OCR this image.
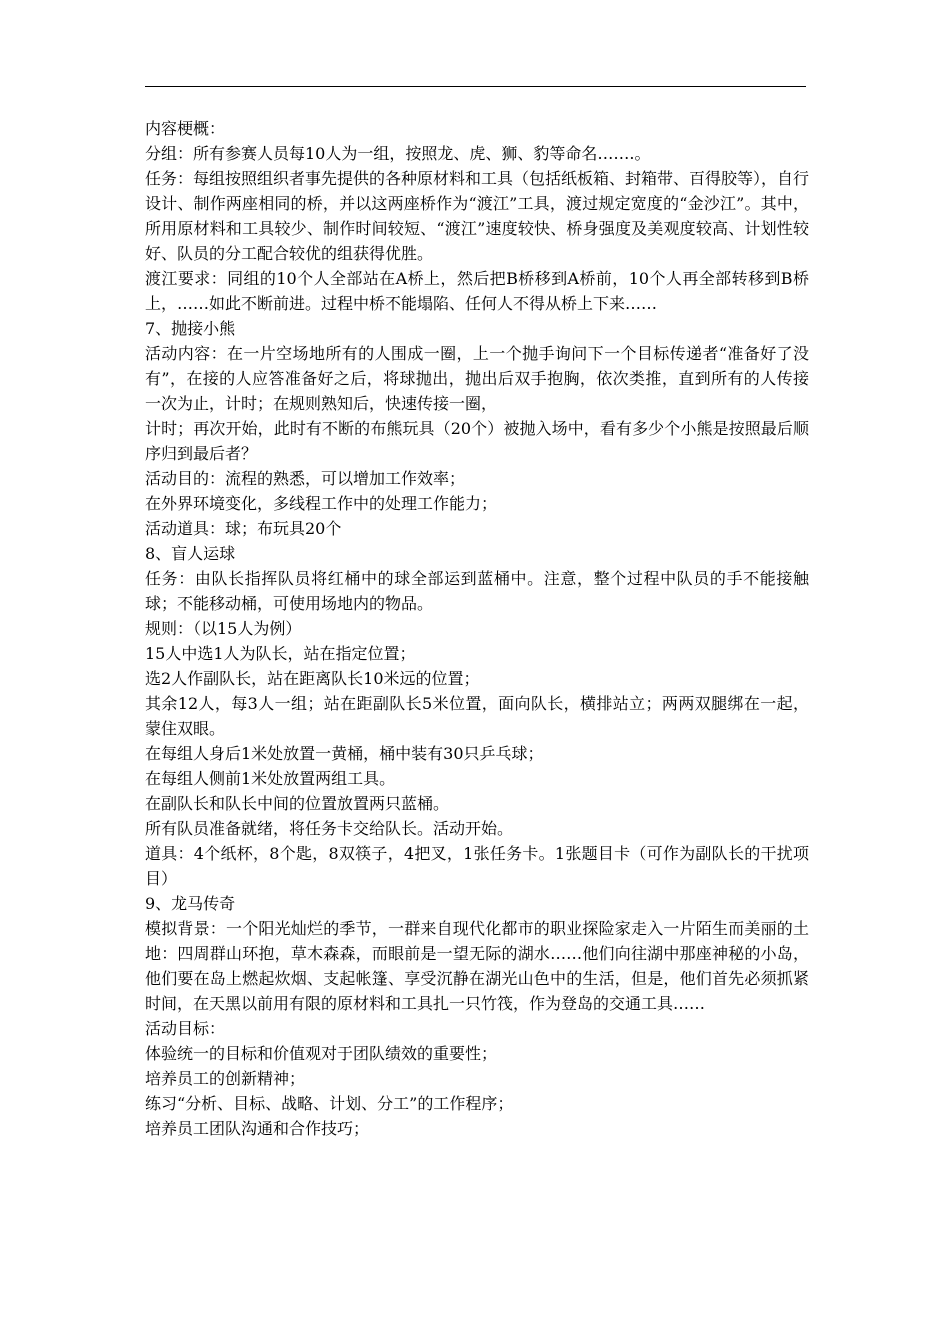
内容梗概：

分组：所有参赛人员每10人为一组，按照龙、虎、狮、豹等命名…….。

任务：每组按照组织者事先提供的各种原材料和工具（包括纸板箱、封箱带、百得胶等），自行设计、制作两座相同的桥，并以这两座桥作为“渡江”工具，渡过规定宽度的“金沙江”。其中，所用原材料和工具较少、制作时间较短、“渡江”速度较快、桥身强度及美观度较高、计划性较好、队员的分工配合较优的组获得优胜。

渡江要求：同组的10个人全部站在A桥上，然后把B桥移到A桥前，10个人再全部转移到B桥上，……如此不断前进。过程中桥不能塌陷、任何人不得从桥上下来……

7、抛接小熊

活动内容：在一片空场地所有的人围成一圈，上一个抛手询问下一个目标传递者“准备好了没有”，在接的人应答准备好之后，将球抛出，抛出后双手抱胸，依次类推，直到所有的人传接一次为止，计时；在规则熟知后，快速传接一圈，

计时；再次开始，此时有不断的布熊玩具（20个）被抛入场中，看有多少个小熊是按照最后顺序归到最后者？

活动目的：流程的熟悉，可以增加工作效率；

在外界环境变化，多线程工作中的处理工作能力；

活动道具：球；布玩具20个

8、盲人运球

任务：由队长指挥队员将红桶中的球全部运到蓝桶中。注意，整个过程中队员的手不能接触球；不能移动桶，可使用场地内的物品。

规则：（以15人为例）

15人中选1人为队长，站在指定位置；

选2人作副队长，站在距离队长10米远的位置；

其余12人，每3人一组；站在距副队长5米位置，面向队长，横排站立；两两双腿绑在一起，蒙住双眼。

在每组人身后1米处放置一黄桶，桶中装有30只乒乓球；

在每组人侧前1米处放置两组工具。

在副队长和队长中间的位置放置两只蓝桶。

所有队员准备就绪，将任务卡交给队长。活动开始。

道具：4个纸杯，8个匙，8双筷子，4把叉，1张任务卡。1张题目卡（可作为副队长的干扰项目）

9、龙马传奇

模拟背景：一个阳光灿烂的季节，一群来自现代化都市的职业探险家走入一片陌生而美丽的土地：四周群山环抱，草木森森，而眼前是一望无际的湖水……他们向往湖中那座神秘的小岛，他们要在岛上燃起炊烟、支起帐篷、享受沉静在湖光山色中的生活，但是，他们首先必须抓紧时间，在天黑以前用有限的原材料和工具扎一只竹筏，作为登岛的交通工具……

活动目标：

体验统一的目标和价值观对于团队绩效的重要性；

培养员工的创新精神；

练习“分析、目标、战略、计划、分工”的工作程序；

培养员工团队沟通和合作技巧；
